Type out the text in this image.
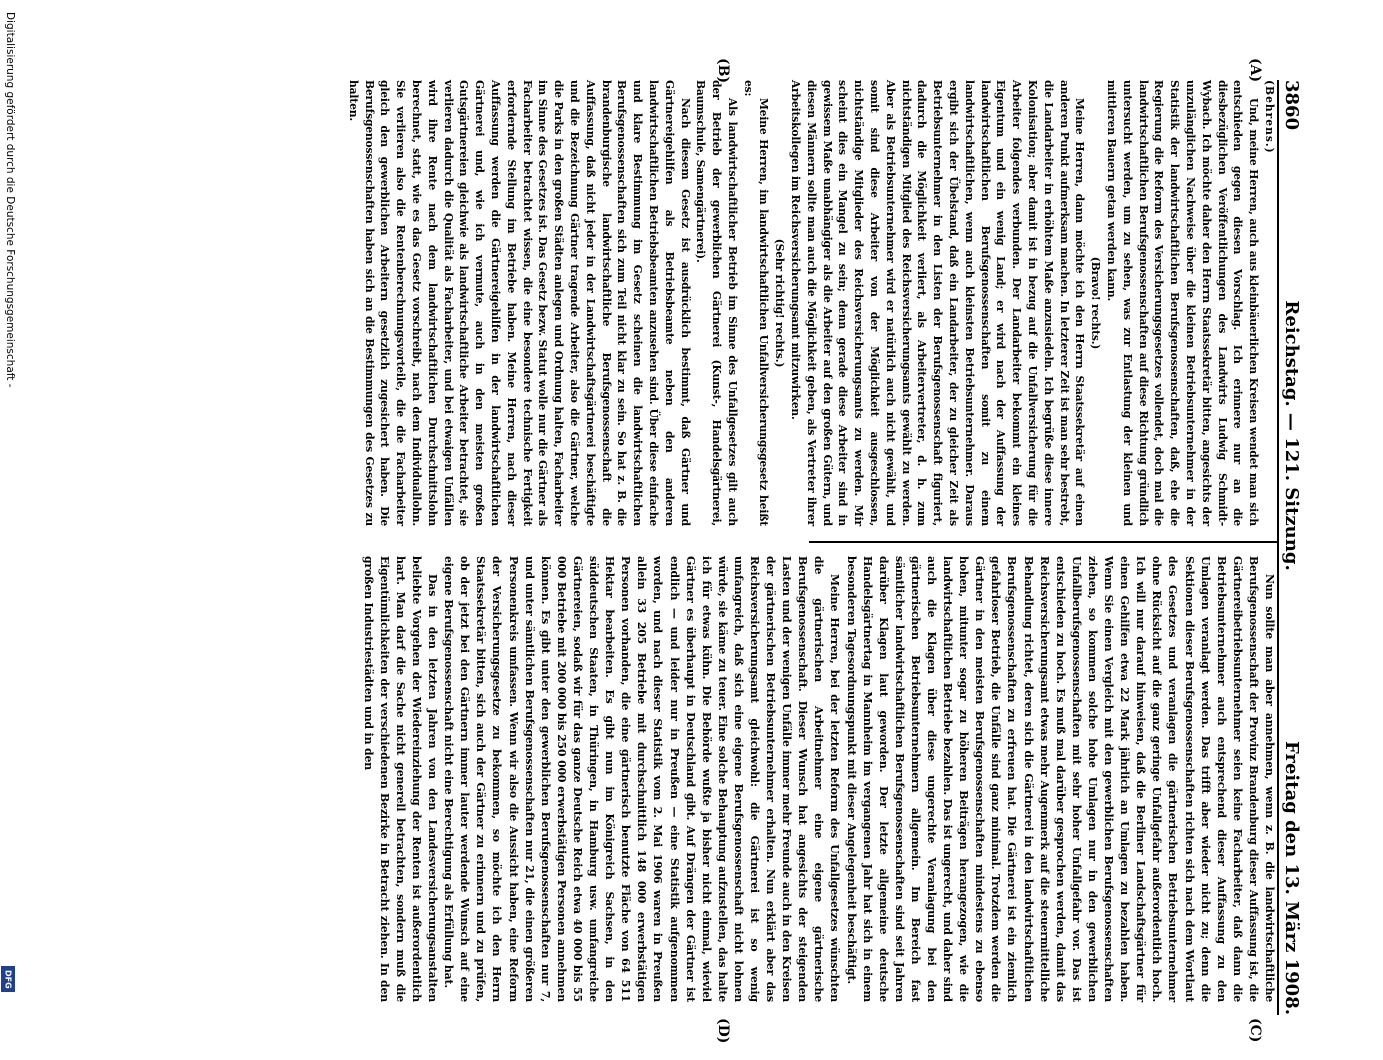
Digitalisierung gefördert durch die Deutsche Forschungsgemeinschaft -
DFG
3860
Reichstag. — 121. Sitzung.
Freitag den 13. März 1908.
(A)
(B)
(C)
(D)

(Behrens.)

Und, meine Herren, auch aus kleinbäuerlichen Kreisen wendet man sich entschieden gegen diesen Vorschlag. Ich erinnere nur an die diesbezüglichen Veröffentlichungen des Landwirts Ludwig Schmidt-Wybach. Ich möchte daher den Herrn Staatssekretär bitten, angesichts der unzulänglichen Nachweise über die kleinen Betriebsunternehmer in der Statistik der landwirtschaftlichen Berufsgenossenschaften, daß, ehe die Regierung die Reform des Versicherungsgesetzes vollendet, doch mal die landwirtschaftlichen Berufsgenossenschaften auf diese Richtung gründlich untersucht werden, um zu sehen, was zur Entlastung der kleinen und mittleren Bauern getan werden kann.

(Bravo! rechts.)

Meine Herren, dann möchte ich den Herrn Staatssekretär auf einen anderen Punkt aufmerksam machen. In letzterer Zeit ist man sehr bestrebt, die Landarbeiter in erhöhtem Maße anzusiedeln. Ich begrüße diese innere Kolonisation; aber damit ist in bezug auf die Unfallversicherung für die Arbeiter folgendes verbunden. Der Landarbeiter bekommt ein kleines Eigentum und ein wenig Land; er wird nach der Auffassung der landwirtschaftlichen Berufsgenossenschaften somit zu einem landwirtschaftlichen, wenn auch kleinsten Betriebsunternehmer. Daraus ergibt sich der Übelstand, daß ein Landarbeiter, der zu gleicher Zeit als Betriebsunternehmer in den Listen der Berufsgenossenschaft figuriert, dadurch die Möglichkeit verliert, als Arbeitervertreter, d. h. zum nichtständigen Mitglied des Reichsversicherungsamts gewählt zu werden. Aber als Betriebsunternehmer wird er natürlich auch nicht gewählt, und somit sind diese Arbeiter von der Möglichkeit ausgeschlossen, nichtständige Mitglieder des Reichsversicherungsamts zu werden. Mir scheint dies ein Mangel zu sein; denn gerade diese Arbeiter sind in gewissem Maße unabhängiger als die Arbeiter auf den großen Gütern, und diesen Männern sollte man auch die Möglichkeit geben, als Vertreter ihrer Arbeitskollegen im Reichsversicherungsamt mitzuwirken.

(Sehr richtig! rechts.)

Meine Herren, im landwirtschaftlichen Unfallversicherungsgesetz heißt es:

Als landwirtschaftlicher Betrieb im Sinne des Unfallgesetzes gilt auch der Betrieb der gewerblichen Gärtnerei (Kunst-, Handelsgärtnerei, Baumschule, Samengärtnerei).

Nach diesem Gesetz ist ausdrücklich bestimmt, daß Gärtner und Gärtnereigehilfen als Betriebsbeamte neben den anderen landwirtschaftlichen Betriebsbeamten anzusehen sind. Über diese einfache und klare Bestimmung im Gesetz scheinen die landwirtschaftlichen Berufsgenossenschaften sich zum Teil nicht klar zu sein. So hat z. B. die brandenburgische landwirtschaftliche Berufsgenossenschaft die Auffassung, daß nicht jeder in der Landwirtschaftsgärtnerei beschäftigte und die Bezeichnung Gärtner tragende Arbeiter, also die Gärtner, welche die Parks in den großen Städten anlegen und Ordnung halten, Facharbeiter im Sinne des Gesetzes ist. Das Gesetz bezw. Statut wolle nur die Gärtner als Facharbeiter betrachtet wissen, die eine besondere technische Fertigkeit erfordernde Stellung im Betriebe haben. Meine Herren, nach dieser Auffassung werden die Gärtnereigehilfen in der landwirtschaftlichen Gärtnerei und, wie ich vermute, auch in den meisten großen Gutsgärtnereien gleichwie als landwirtschaftliche Arbeiter betrachtet, sie verlieren dadurch die Qualität als Facharbeiter, und bei etwaigen Unfällen wird ihre Rente nach dem landwirtschaftlichen Durchschnittslohn berechnet, statt, wie es das Gesetz vorschreibt, nach dem Individuallohn. Sie verlieren also die Rentenberechnungsvorteile, die die Facharbeiter gleich den gewerblichen Arbeitern gesetzlich zugesichert haben. Die Berufsgenossenschaften haben sich an die Bestimmungen des Gesetzes zu halten.

Nun sollte man aber annehmen, wenn z. B. die landwirtschaftliche Berufsgenossenschaft der Provinz Brandenburg dieser Auffassung ist, die Gärtnereibetriebsunternehmer seien keine Facharbeiter, daß dann die Betriebsunternehmer auch entsprechend dieser Auffassung zu den Umlagen veranlagt werden. Das trifft aber wieder nicht zu; denn die Sektionen dieser Berufsgenossenschaften richten sich nach dem Wortlaut des Gesetzes und veranlagen die gärtnerischen Betriebsunternehmer ohne Rücksicht auf die ganz geringe Unfallgefahr außerordentlich hoch. Ich will nur darauf hinweisen, daß die Berliner Landschaftsgärtner für einen Gehilfen etwa 22 Mark jährlich an Umlagen zu bezahlen haben. Wenn Sie einen Vergleich mit den gewerblichen Berufsgenossenschaften ziehen, so kommen solche hohe Umlagen nur in den gewerblichen Unfallberufsgenossenschaften mit sehr hoher Unfallgefahr vor. Das ist entschieden zu hoch. Es muß mal darüber gesprochen werden, damit das Reichsversicherungsamt etwas mehr Augenmerk auf die steuermittelliche Behandlung richtet, deren sich die Gärtnerei in den landwirtschaftlichen Berufsgenossenschaften zu erfreuen hat. Die Gärtnerei ist ein ziemlich gefahrloser Betrieb, die Unfälle sind ganz minimal. Trotzdem werden die Gärtner in den meisten Berufsgenossenschaften mindestens zu ebenso hohen, mitunter sogar zu höheren Beiträgen herangezogen, wie die landwirtschaftlichen Betriebe bezahlen. Das ist ungerecht, und daher sind auch die Klagen über diese ungerechte Veranlagung bei den gärtnerischen Betriebsunternehmern allgemein. Im Bereich fast sämtlicher landwirtschaftlichen Berufsgenossenschaften sind seit Jahren darüber Klagen laut geworden. Der letzte allgemeine deutsche Handelsgärtnertag in Mannheim im vergangenen Jahr hat sich in einem besonderen Tagesordnungspunkt mit dieser Angelegenheit beschäftigt.

Meine Herren, bei der letzten Reform des Unfallgesetzes wünschten die gärtnerischen Arbeitnehmer eine eigene gärtnerische Berufsgenossenschaft. Dieser Wunsch hat angesichts der steigenden Lasten und der wenigen Unfälle immer mehr Freunde auch in den Kreisen der gärtnerischen Betriebsunternehmer erhalten. Nun erklärt aber das Reichsversicherungsamt gleichwohl: die Gärtnerei ist so wenig umfangreich, daß sich eine eigene Berufsgenossenschaft nicht lohnen würde, sie käme zu teuer. Eine solche Behauptung aufzustellen, das halte ich für etwas kühn. Die Behörde wußte ja bisher nicht einmal, wieviel Gärtner es überhaupt in Deutschland gibt. Auf Drängen der Gärtner ist endlich — und leider nur in Preußen — eine Statistik aufgenommen worden, und nach dieser Statistik vom 2. Mai 1906 waren in Preußen allein 33 205 Betriebe mit durchschnittlich 148 000 erwerbstätigen Personen vorhanden, die eine gärtnerisch benutzte Fläche von 64 511 Hektar bearbeiten. Es gibt nun im Königreich Sachsen, in den süddeutschen Staaten, in Thüringen, in Hamburg usw. umfangreiche Gärtnereien, sodaß wir für das ganze Deutsche Reich etwa 40 000 bis 55 000 Betriebe mit 200 000 bis 250 000 erwerbstätigen Personen annehmen können. Es gibt unter den gewerblichen Berufsgenossenschaften nur 7, und unter sämtlichen Berufsgenossenschaften nur 21, die einen größeren Personenkreis umfassen. Wenn wir also die Aussicht haben, eine Reform der Versicherungsgesetze zu bekommen, so möchte ich den Herrn Staatssekretär bitten, sich auch der Gärtner zu erinnern und zu prüfen, ob der jetzt bei den Gärtnern immer lauter werdende Wunsch auf eine eigene Berufsgenossenschaft nicht eine Berechtigung als Erfüllung hat.

Das in den letzten Jahren von den Landesversicherungsanstalten beliebte Vorgehen der Wiedereinziehung der Renten ist außerordentlich hart. Man darf die Sache nicht generell betrachten, sondern muß die Eigentümlichkeiten der verschiedenen Bezirke in Betracht ziehen. In den großen Industriestädten und in den
